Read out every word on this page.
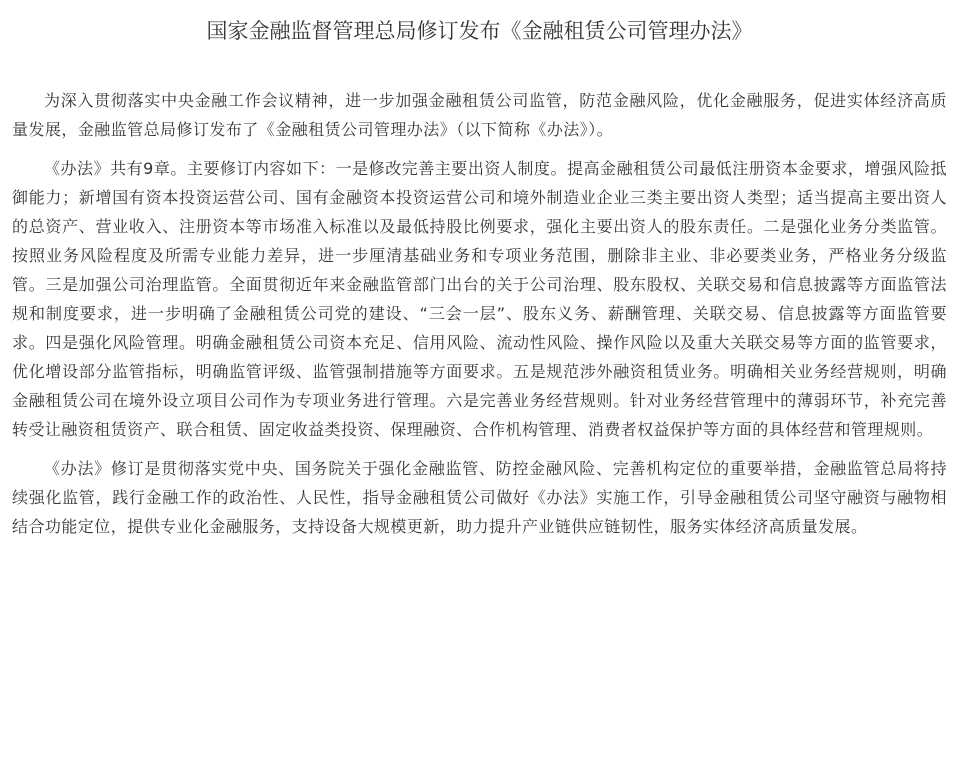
国家金融监督管理总局修订发布《金融租赁公司管理办法》

为深入贯彻落实中央金融工作会议精神，进一步加强金融租赁公司监管，防范金融风险，优化金融服务，促进实体经济高质量发展，金融监管总局修订发布了《金融租赁公司管理办法》（以下简称《办法》）。

《办法》共有9章。主要修订内容如下：一是修改完善主要出资人制度。提高金融租赁公司最低注册资本金要求，增强风险抵御能力；新增国有资本投资运营公司、国有金融资本投资运营公司和境外制造业企业三类主要出资人类型；适当提高主要出资人的总资产、营业收入、注册资本等市场准入标准以及最低持股比例要求，强化主要出资人的股东责任。二是强化业务分类监管。按照业务风险程度及所需专业能力差异，进一步厘清基础业务和专项业务范围，删除非主业、非必要类业务，严格业务分级监管。三是加强公司治理监管。全面贯彻近年来金融监管部门出台的关于公司治理、股东股权、关联交易和信息披露等方面监管法规和制度要求，进一步明确了金融租赁公司党的建设、“三会一层”、股东义务、薪酬管理、关联交易、信息披露等方面监管要求。四是强化风险管理。明确金融租赁公司资本充足、信用风险、流动性风险、操作风险以及重大关联交易等方面的监管要求，优化增设部分监管指标，明确监管评级、监管强制措施等方面要求。五是规范涉外融资租赁业务。明确相关业务经营规则，明确金融租赁公司在境外设立项目公司作为专项业务进行管理。六是完善业务经营规则。针对业务经营管理中的薄弱环节，补充完善转受让融资租赁资产、联合租赁、固定收益类投资、保理融资、合作机构管理、消费者权益保护等方面的具体经营和管理规则。

《办法》修订是贯彻落实党中央、国务院关于强化金融监管、防控金融风险、完善机构定位的重要举措，金融监管总局将持续强化监管，践行金融工作的政治性、人民性，指导金融租赁公司做好《办法》实施工作，引导金融租赁公司坚守融资与融物相结合功能定位，提供专业化金融服务，支持设备大规模更新，助力提升产业链供应链韧性，服务实体经济高质量发展。
